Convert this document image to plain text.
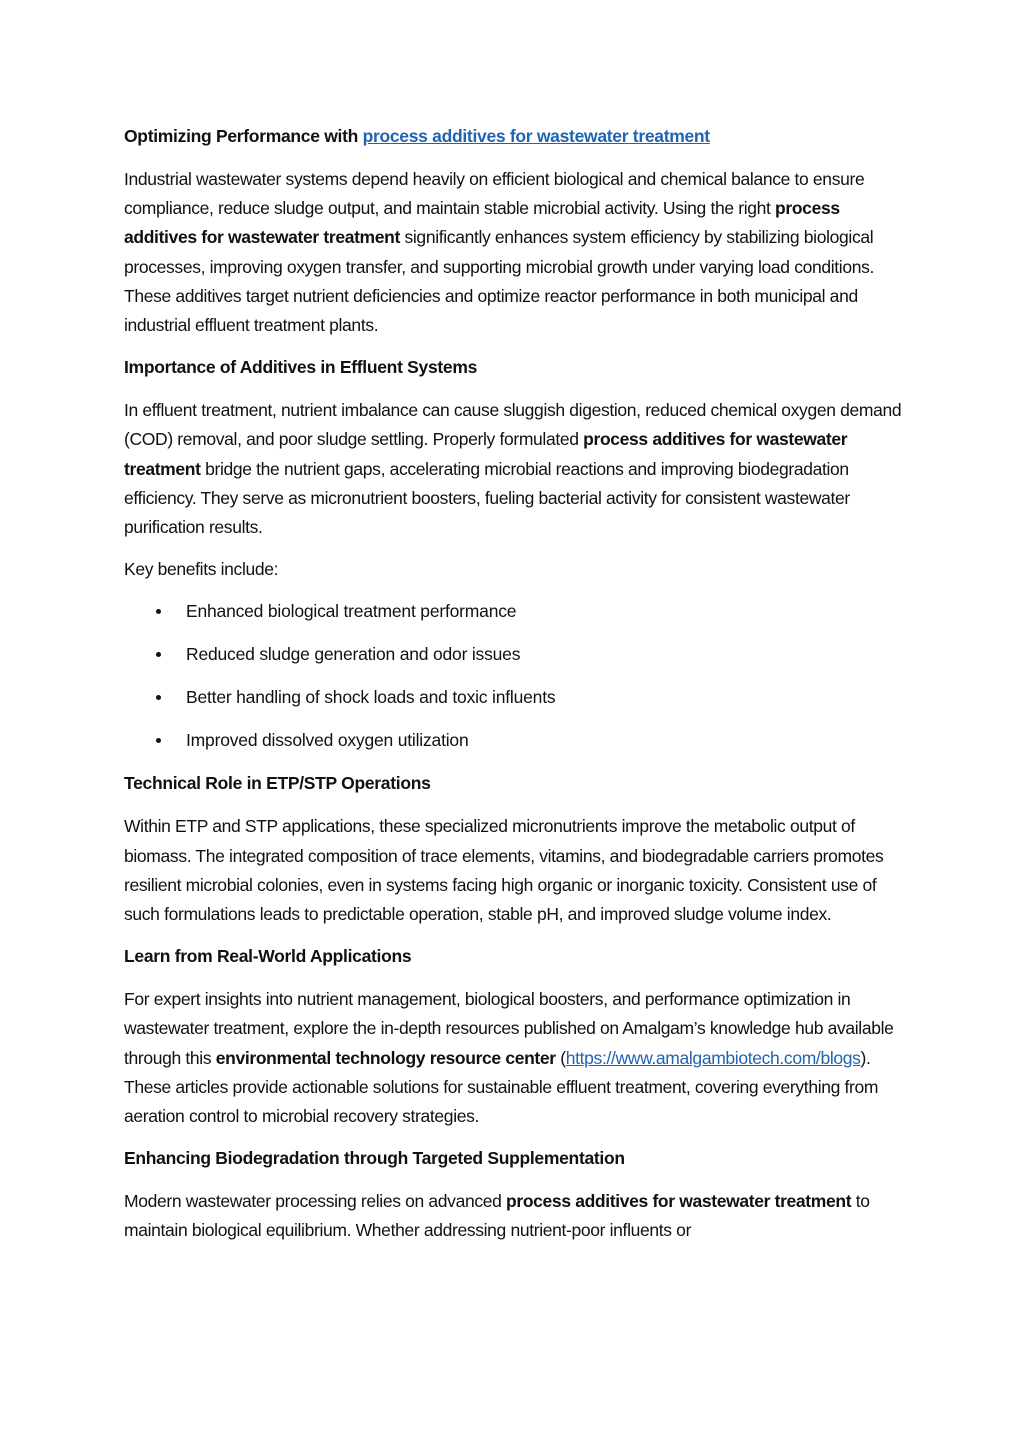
Optimizing Performance with process additives for wastewater treatment

Industrial wastewater systems depend heavily on efficient biological and chemical balance to ensure compliance, reduce sludge output, and maintain stable microbial activity. Using the right process additives for wastewater treatment significantly enhances system efficiency by stabilizing biological processes, improving oxygen transfer, and supporting microbial growth under varying load conditions. These additives target nutrient deficiencies and optimize reactor performance in both municipal and industrial effluent treatment plants.

Importance of Additives in Effluent Systems

In effluent treatment, nutrient imbalance can cause sluggish digestion, reduced chemical oxygen demand (COD) removal, and poor sludge settling. Properly formulated process additives for wastewater treatment bridge the nutrient gaps, accelerating microbial reactions and improving biodegradation efficiency. They serve as micronutrient boosters, fueling bacterial activity for consistent wastewater purification results.

Key benefits include:

Enhanced biological treatment performance
Reduced sludge generation and odor issues
Better handling of shock loads and toxic influents
Improved dissolved oxygen utilization
Technical Role in ETP/STP Operations

Within ETP and STP applications, these specialized micronutrients improve the metabolic output of biomass. The integrated composition of trace elements, vitamins, and biodegradable carriers promotes resilient microbial colonies, even in systems facing high organic or inorganic toxicity. Consistent use of such formulations leads to predictable operation, stable pH, and improved sludge volume index.

Learn from Real-World Applications

For expert insights into nutrient management, biological boosters, and performance optimization in wastewater treatment, explore the in-depth resources published on Amalgam’s knowledge hub available through this environmental technology resource center (https://www.amalgambiotech.com/blogs). These articles provide actionable solutions for sustainable effluent treatment, covering everything from aeration control to microbial recovery strategies.

Enhancing Biodegradation through Targeted Supplementation

Modern wastewater processing relies on advanced process additives for wastewater treatment to maintain biological equilibrium. Whether addressing nutrient-poor influents or
